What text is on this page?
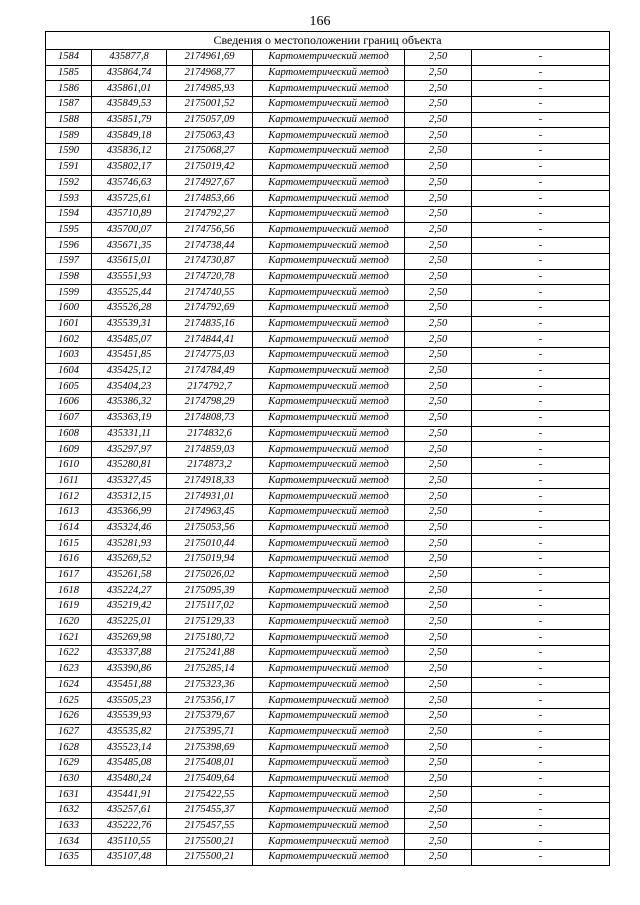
166
Сведения о местоположении границ объекта					
1584	435877,8	2174961,69	Картометрический метод	2,50	-
1585	435864,74	2174968,77	Картометрический метод	2,50	-
1586	435861,01	2174985,93	Картометрический метод	2,50	-
1587	435849,53	2175001,52	Картометрический метод	2,50	-
1588	435851,79	2175057,09	Картометрический метод	2,50	-
1589	435849,18	2175063,43	Картометрический метод	2,50	-
1590	435836,12	2175068,27	Картометрический метод	2,50	-
1591	435802,17	2175019,42	Картометрический метод	2,50	-
1592	435746,63	2174927,67	Картометрический метод	2,50	-
1593	435725,61	2174853,66	Картометрический метод	2,50	-
1594	435710,89	2174792,27	Картометрический метод	2,50	-
1595	435700,07	2174756,56	Картометрический метод	2,50	-
1596	435671,35	2174738,44	Картометрический метод	2,50	-
1597	435615,01	2174730,87	Картометрический метод	2,50	-
1598	435551,93	2174720,78	Картометрический метод	2,50	-
1599	435525,44	2174740,55	Картометрический метод	2,50	-
1600	435526,28	2174792,69	Картометрический метод	2,50	-
1601	435539,31	2174835,16	Картометрический метод	2,50	-
1602	435485,07	2174844,41	Картометрический метод	2,50	-
1603	435451,85	2174775,03	Картометрический метод	2,50	-
1604	435425,12	2174784,49	Картометрический метод	2,50	-
1605	435404,23	2174792,7	Картометрический метод	2,50	-
1606	435386,32	2174798,29	Картометрический метод	2,50	-
1607	435363,19	2174808,73	Картометрический метод	2,50	-
1608	435331,11	2174832,6	Картометрический метод	2,50	-
1609	435297,97	2174859,03	Картометрический метод	2,50	-
1610	435280,81	2174873,2	Картометрический метод	2,50	-
1611	435327,45	2174918,33	Картометрический метод	2,50	-
1612	435312,15	2174931,01	Картометрический метод	2,50	-
1613	435366,99	2174963,45	Картометрический метод	2,50	-
1614	435324,46	2175053,56	Картометрический метод	2,50	-
1615	435281,93	2175010,44	Картометрический метод	2,50	-
1616	435269,52	2175019,94	Картометрический метод	2,50	-
1617	435261,58	2175026,02	Картометрический метод	2,50	-
1618	435224,27	2175095,39	Картометрический метод	2,50	-
1619	435219,42	2175117,02	Картометрический метод	2,50	-
1620	435225,01	2175129,33	Картометрический метод	2,50	-
1621	435269,98	2175180,72	Картометрический метод	2,50	-
1622	435337,88	2175241,88	Картометрический метод	2,50	-
1623	435390,86	2175285,14	Картометрический метод	2,50	-
1624	435451,88	2175323,36	Картометрический метод	2,50	-
1625	435505,23	2175356,17	Картометрический метод	2,50	-
1626	435539,93	2175379,67	Картометрический метод	2,50	-
1627	435535,82	2175395,71	Картометрический метод	2,50	-
1628	435523,14	2175398,69	Картометрический метод	2,50	-
1629	435485,08	2175408,01	Картометрический метод	2,50	-
1630	435480,24	2175409,64	Картометрический метод	2,50	-
1631	435441,91	2175422,55	Картометрический метод	2,50	-
1632	435257,61	2175455,37	Картометрический метод	2,50	-
1633	435222,76	2175457,55	Картометрический метод	2,50	-
1634	435110,55	2175500,21	Картометрический метод	2,50	-
1635	435107,48	2175500,21	Картометрический метод	2,50	-
